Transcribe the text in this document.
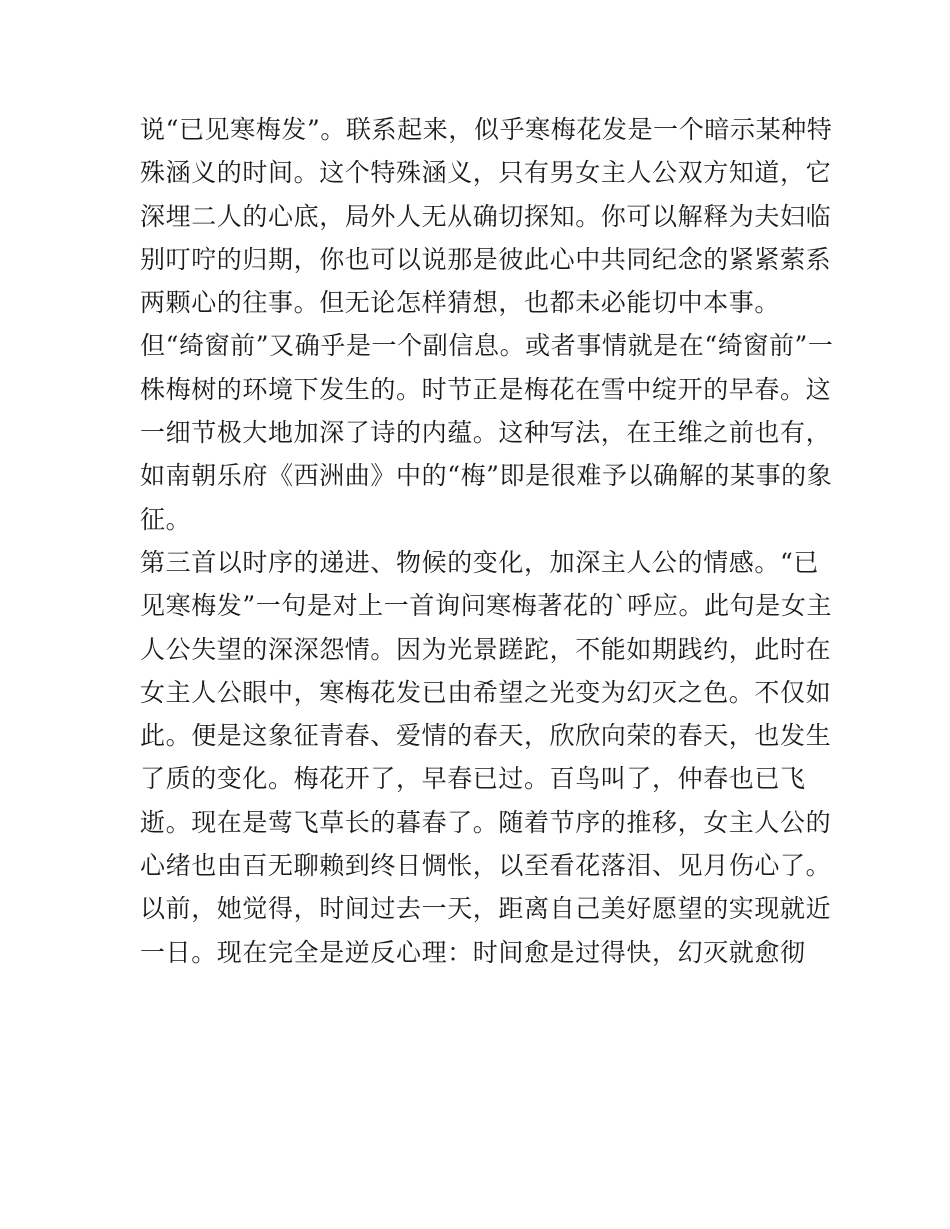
说“已见寒梅发”。联系起来，似乎寒梅花发是一个暗示某种特
殊涵义的时间。这个特殊涵义，只有男女主人公双方知道，它
深埋二人的心底，局外人无从确切探知。你可以解释为夫妇临
别叮咛的归期，你也可以说那是彼此心中共同纪念的紧紧萦系
两颗心的往事。但无论怎样猜想，也都未必能切中本事。
但“绮窗前”又确乎是一个副信息。或者事情就是在“绮窗前”一
株梅树的环境下发生的。时节正是梅花在雪中绽开的早春。这
一细节极大地加深了诗的内蕴。这种写法，在王维之前也有，
如南朝乐府《西洲曲》中的“梅”即是很难予以确解的某事的象
征。
第三首以时序的递进、物候的变化，加深主人公的情感。“已
见寒梅发”一句是对上一首询问寒梅著花的`呼应。此句是女主
人公失望的深深怨情。因为光景蹉跎，不能如期践约，此时在
女主人公眼中，寒梅花发已由希望之光变为幻灭之色。不仅如
此。便是这象征青春、爱情的春天，欣欣向荣的春天，也发生
了质的变化。梅花开了，早春已过。百鸟叫了，仲春也已飞
逝。现在是莺飞草长的暮春了。随着节序的推移，女主人公的
心绪也由百无聊赖到终日惆怅，以至看花落泪、见月伤心了。
以前，她觉得，时间过去一天，距离自己美好愿望的实现就近
一日。现在完全是逆反心理：时间愈是过得快，幻灭就愈彻
